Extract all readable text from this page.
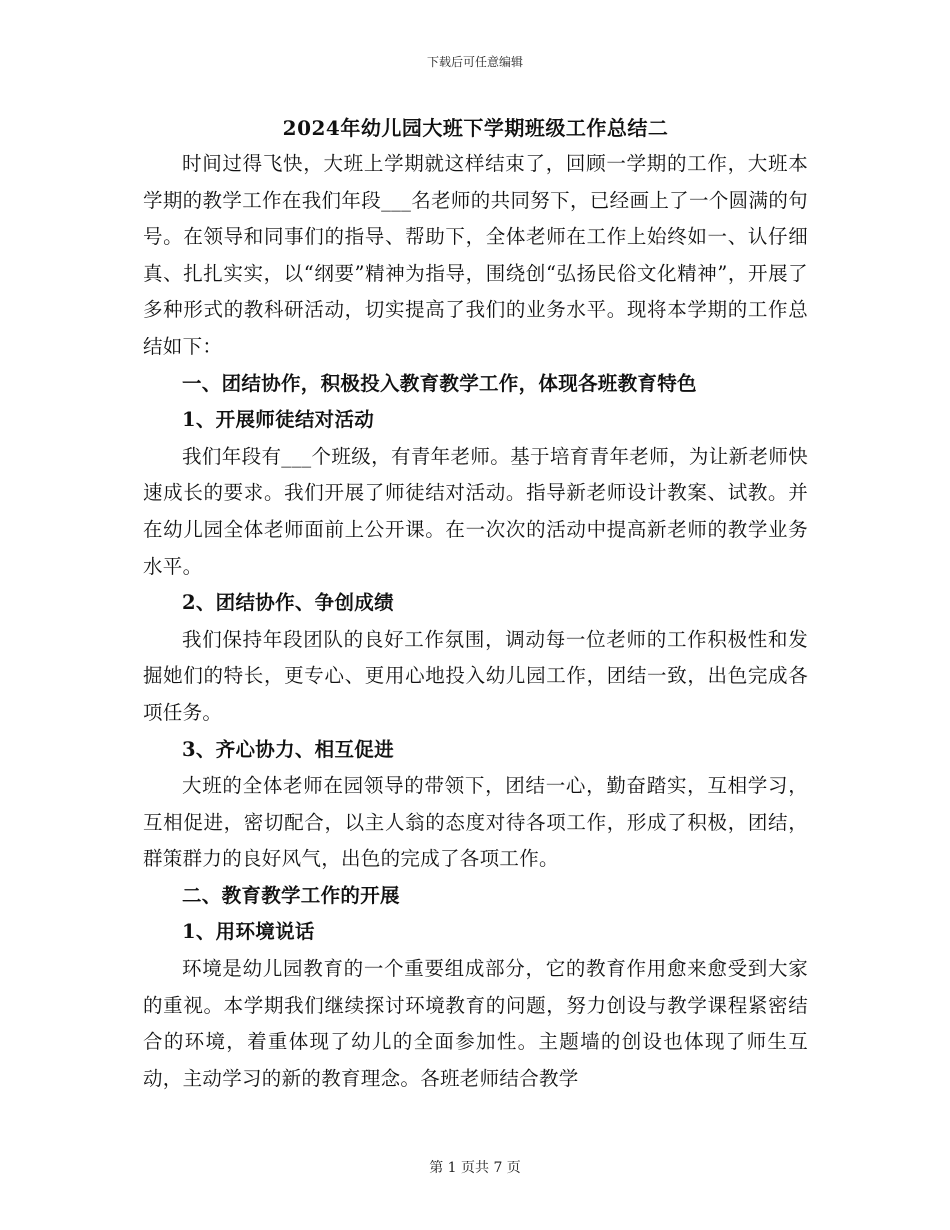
下载后可任意编辑
2024年幼儿园大班下学期班级工作总结二
时间过得飞快，大班上学期就这样结束了，回顾一学期的工作，大班本学期的教学工作在我们年段___名老师的共同努下，已经画上了一个圆满的句号。在领导和同事们的指导、帮助下，全体老师在工作上始终如一、认仔细真、扎扎实实，以“纲要”精神为指导，围绕创“弘扬民俗文化精神”，开展了多种形式的教科研活动，切实提高了我们的业务水平。现将本学期的工作总结如下：
一、团结协作，积极投入教育教学工作，体现各班教育特色
1、开展师徒结对活动
我们年段有___个班级，有青年老师。基于培育青年老师，为让新老师快速成长的要求。我们开展了师徒结对活动。指导新老师设计教案、试教。并在幼儿园全体老师面前上公开课。在一次次的活动中提高新老师的教学业务水平。
2、团结协作、争创成绩
我们保持年段团队的良好工作氛围，调动每一位老师的工作积极性和发掘她们的特长，更专心、更用心地投入幼儿园工作，团结一致，出色完成各项任务。
3、齐心协力、相互促进
大班的全体老师在园领导的带领下，团结一心，勤奋踏实，互相学习，互相促进，密切配合，以主人翁的态度对待各项工作，形成了积极，团结，群策群力的良好风气，出色的完成了各项工作。
二、教育教学工作的开展
1、用环境说话
环境是幼儿园教育的一个重要组成部分，它的教育作用愈来愈受到大家的重视。本学期我们继续探讨环境教育的问题，努力创设与教学课程紧密结合的环境，着重体现了幼儿的全面参加性。主题墙的创设也体现了师生互动，主动学习的新的教育理念。各班老师结合教学
第 1 页共 7 页
